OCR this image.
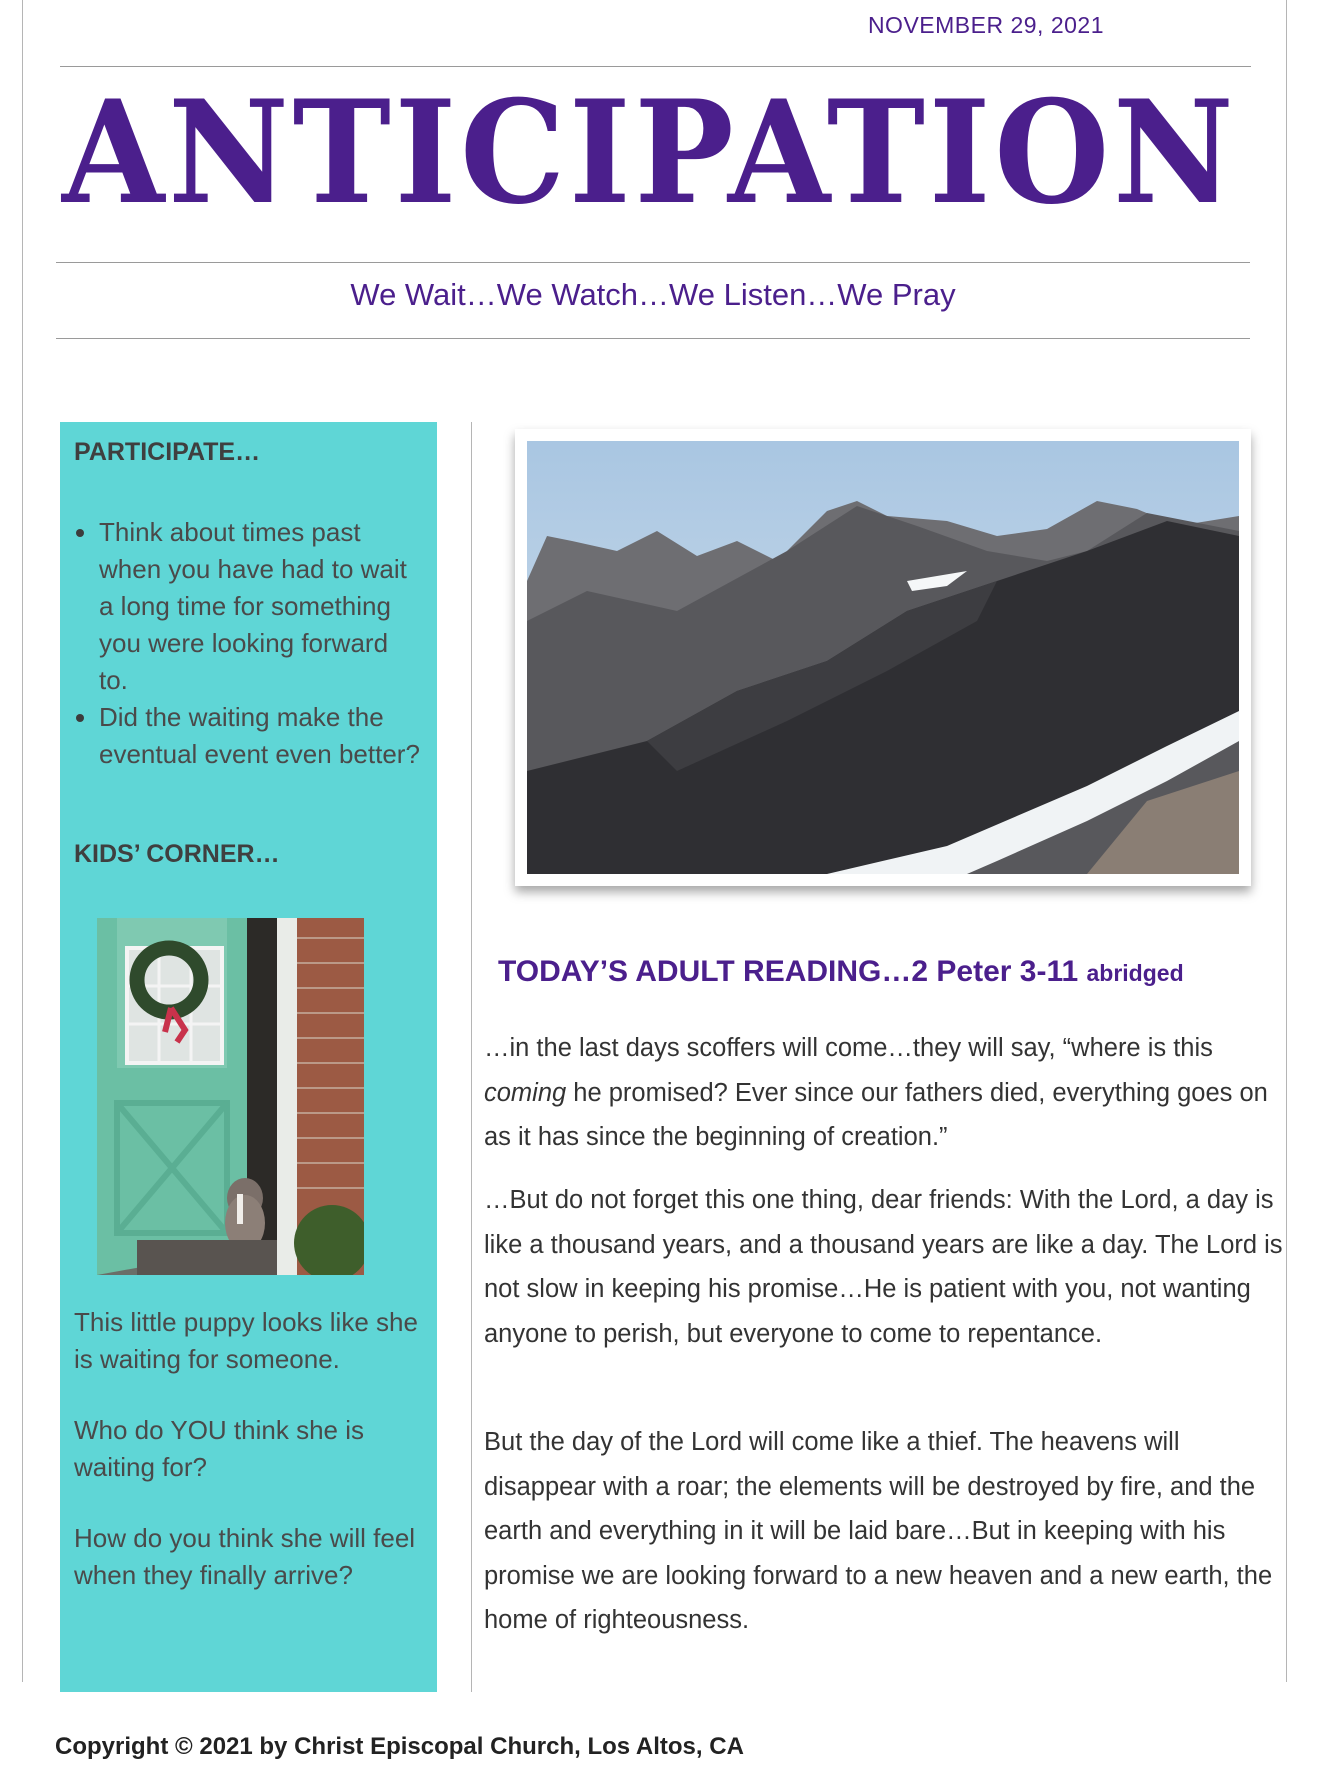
NOVEMBER 29, 2021
ANTICIPATION
We Wait…We Watch…We Listen…We Pray
PARTICIPATE…
Think about times past when you have had to wait a long time for something you were looking forward to.
Did the waiting make the eventual event even better?
KIDS’ CORNER…
This little puppy looks like she is waiting for someone.
Who do YOU think she is waiting for?
How do you think she will feel when they finally arrive?
TODAY’S ADULT READING…2 Peter 3-11 abridged

…in the last days scoffers will come…they will say, “where is this
coming he promised? Ever since our fathers died, everything goes on as it has since the beginning of creation.”

…But do not forget this one thing, dear friends: With the Lord, a day is like a thousand years, and a thousand years are like a day. The Lord is not slow in keeping his promise…He is patient with you, not wanting anyone to perish, but everyone to come to repentance.

But the day of the Lord will come like a thief. The heavens will disappear with a roar; the elements will be destroyed by fire, and the earth and everything in it will be laid bare…But in keeping with his promise we are looking forward to a new heaven and a new earth, the home of righteousness.

Copyright © 2021 by Christ Episcopal Church, Los Altos, CA
